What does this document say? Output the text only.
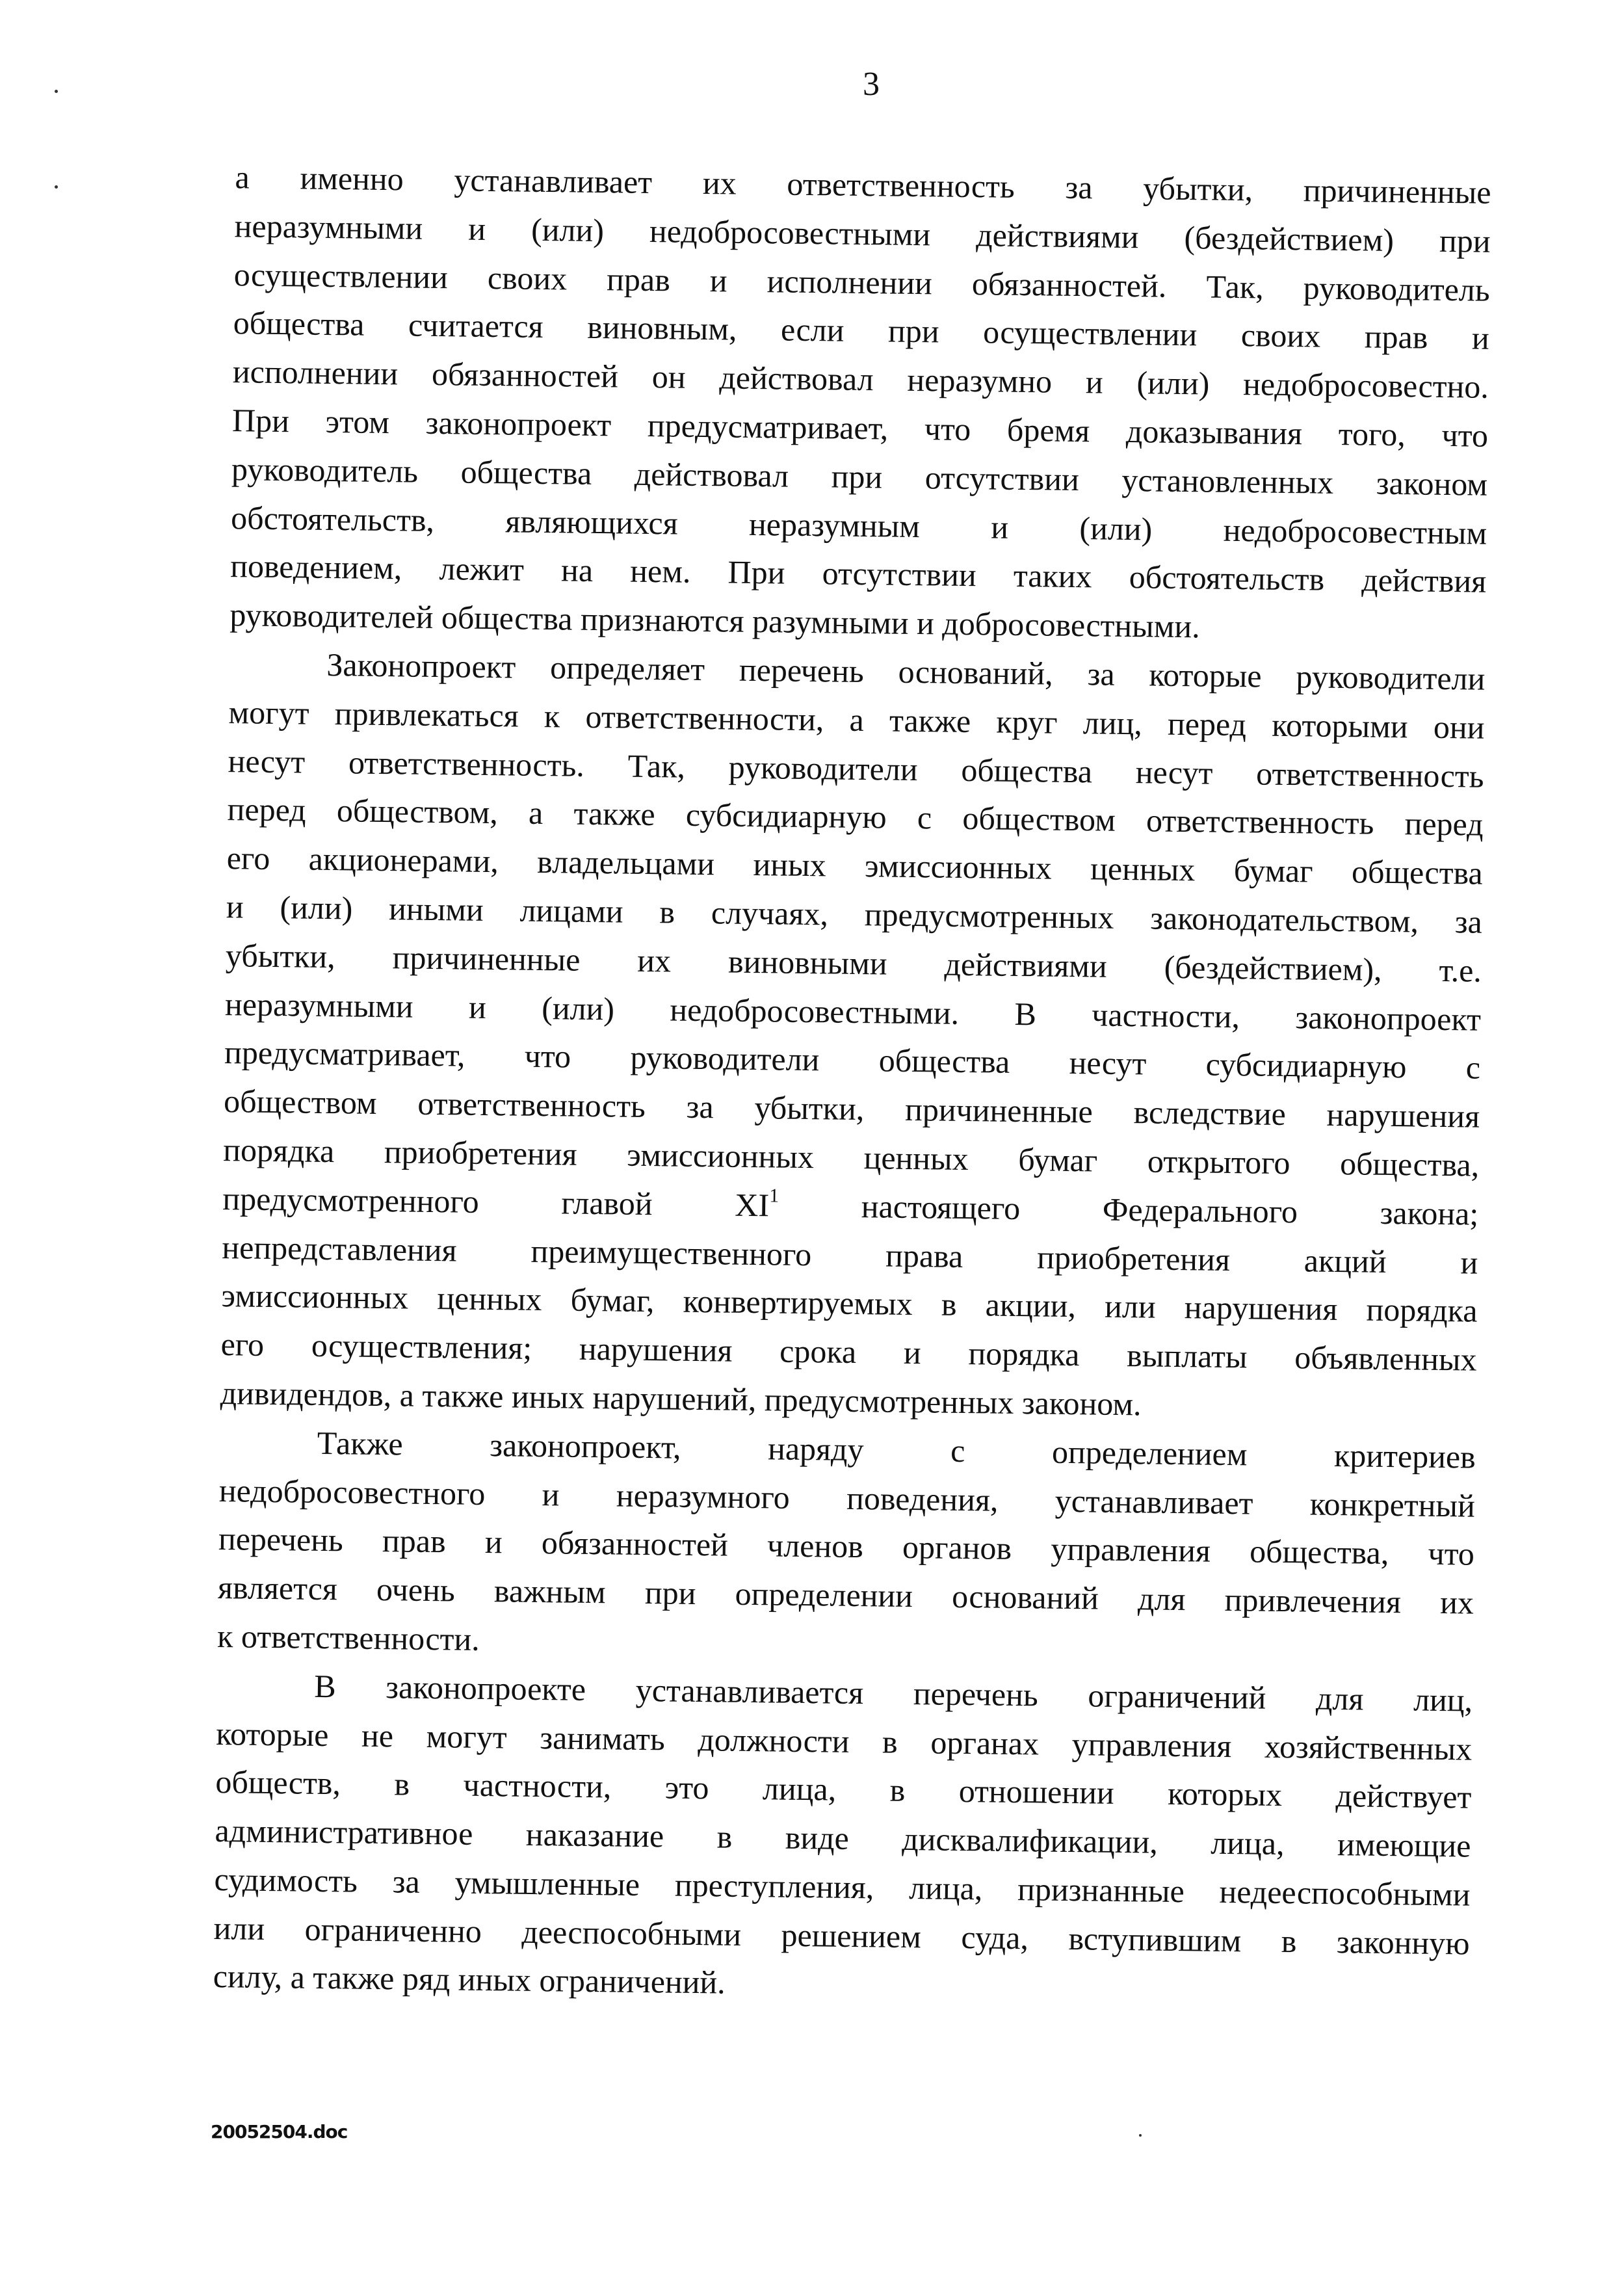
3
а именно устанавливает их ответственность за убытки, причиненные
неразумными и (или) недобросовестными действиями (бездействием) при
осуществлении своих прав и исполнении обязанностей. Так, руководитель
общества считается виновным, если при осуществлении своих прав и
исполнении обязанностей он действовал неразумно и (или) недобросовестно.
При этом законопроект предусматривает, что бремя доказывания того, что
руководитель общества действовал при отсутствии установленных законом
обстоятельств, являющихся неразумным и (или) недобросовестным
поведением, лежит на нем. При отсутствии таких обстоятельств действия
руководителей общества признаются разумными и добросовестными.
Законопроект определяет перечень оснований, за которые руководители
могут привлекаться к ответственности, а также круг лиц, перед которыми они
несут ответственность. Так, руководители общества несут ответственность
перед обществом, а также субсидиарную с обществом ответственность перед
его акционерами, владельцами иных эмиссионных ценных бумаг общества
и (или) иными лицами в случаях, предусмотренных законодательством, за
убытки, причиненные их виновными действиями (бездействием), т.е.
неразумными и (или) недобросовестными. В частности, законопроект
предусматривает, что руководители общества несут субсидиарную с
обществом ответственность за убытки, причиненные вследствие нарушения
порядка приобретения эмиссионных ценных бумаг открытого общества,
предусмотренного	главой	$XI^1$	настоящего	Федерального	закона;
непредставления преимущественного права приобретения акций и
эмиссионных ценных бумаг, конвертируемых в акции, или нарушения порядка
его осуществления; нарушения срока и порядка выплаты объявленных
дивидендов, а также иных нарушений, предусмотренных законом.
Также законопроект, наряду с определением критериев
недобросовестного и неразумного поведения, устанавливает конкретный
перечень прав и обязанностей членов органов управления общества, что
является очень важным при определении оснований для привлечения их
к ответственности.
В законопроекте устанавливается перечень ограничений для лиц,
которые не могут занимать должности в органах управления хозяйственных
обществ, в частности, это лица, в отношении которых действует
административное наказание в виде дисквалификации, лица, имеющие
судимость за умышленные преступления, лица, признанные недееспособными
или ограниченно дееспособными решением суда, вступившим в законную
силу, а также ряд иных ограничений.
20052504.doc
